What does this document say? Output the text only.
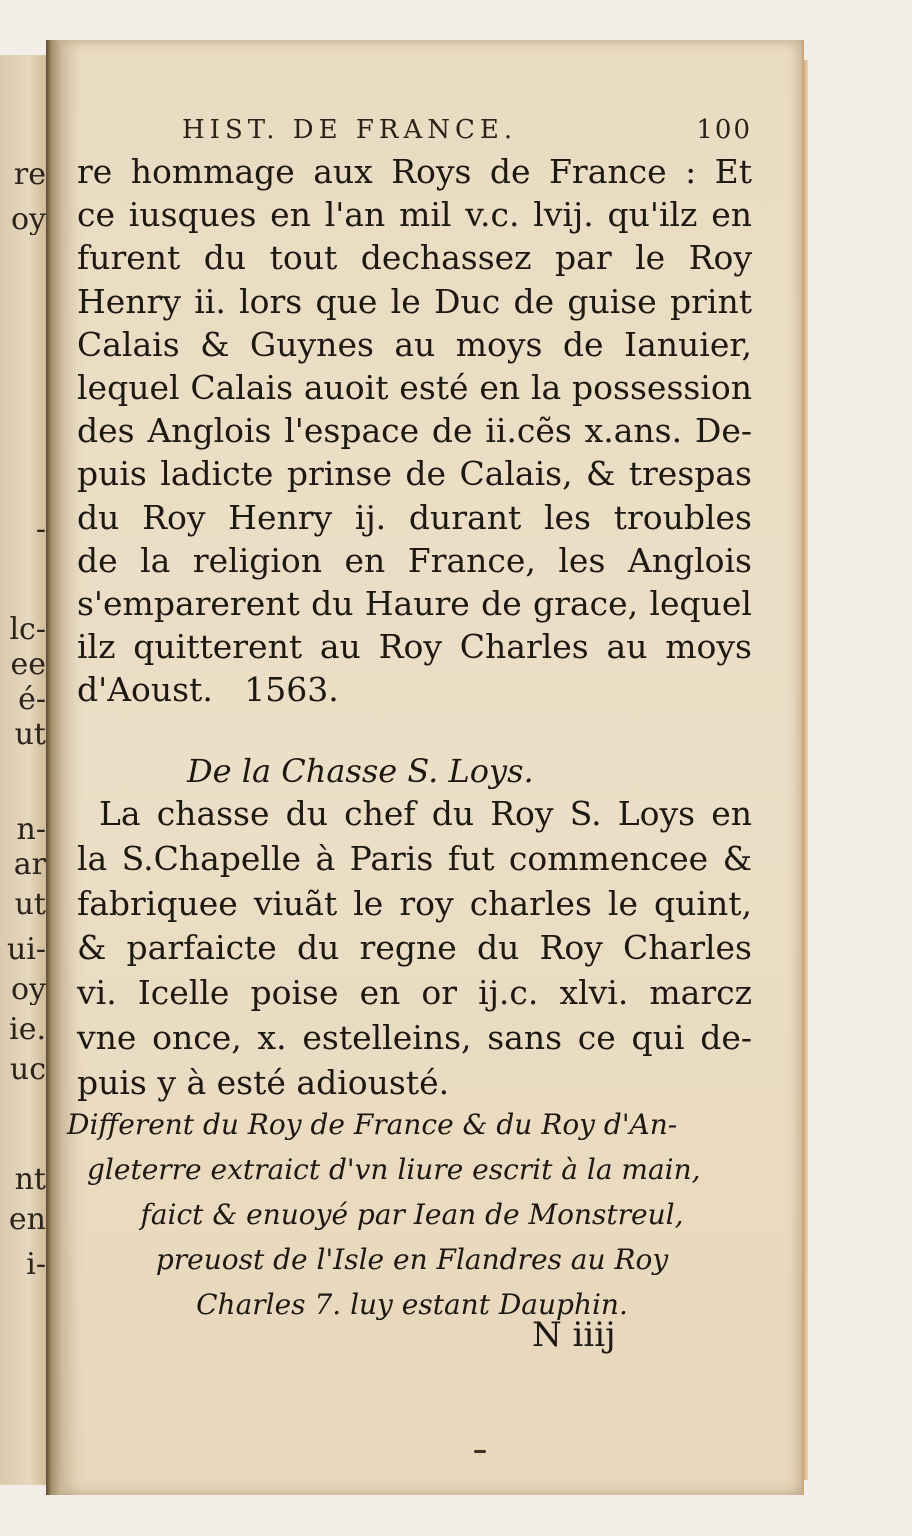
re
oy
-
lc-
ee
é-
ut
n-
ar
ut
ui-
oy
ie.
uc
nt
en
i-
HIST. DE FRANCE.	100
re hommage aux Roys de France : Et
ce iusques en l'an mil v.c. lvij. qu'ilz en
furent du tout dechassez par le Roy
Henry ii. lors que le Duc de guise print
Calais & Guynes au moys de Ianuier,
lequel Calais auoit esté en la possession
des Anglois l'espace de ii.cẽs x.ans. De-
puis ladicte prinse de Calais, & trespas
du Roy Henry ij. durant les troubles
de la religion en France, les Anglois
s'emparerent du Haure de grace, lequel
ilz quitterent au Roy Charles au moys
d'Aoust.   1563.
De la Chasse S. Loys.
La chasse du chef du Roy S. Loys en
la S.Chapelle à Paris fut commencee &
fabriquee viuãt le roy charles le quint,
& parfaicte du regne du Roy Charles
vi. Icelle poise en or ij.c. xlvi. marcz
vne once, x. estelleins, sans ce qui de-
puis y à esté adiousté.
Different du Roy de France & du Roy d'An-
gleterre extraict d'vn liure escrit à la main,
faict & enuoyé par Iean de Monstreul,
preuost de l'Isle en Flandres au Roy
Charles 7. luy estant Dauphin.
N iiij
